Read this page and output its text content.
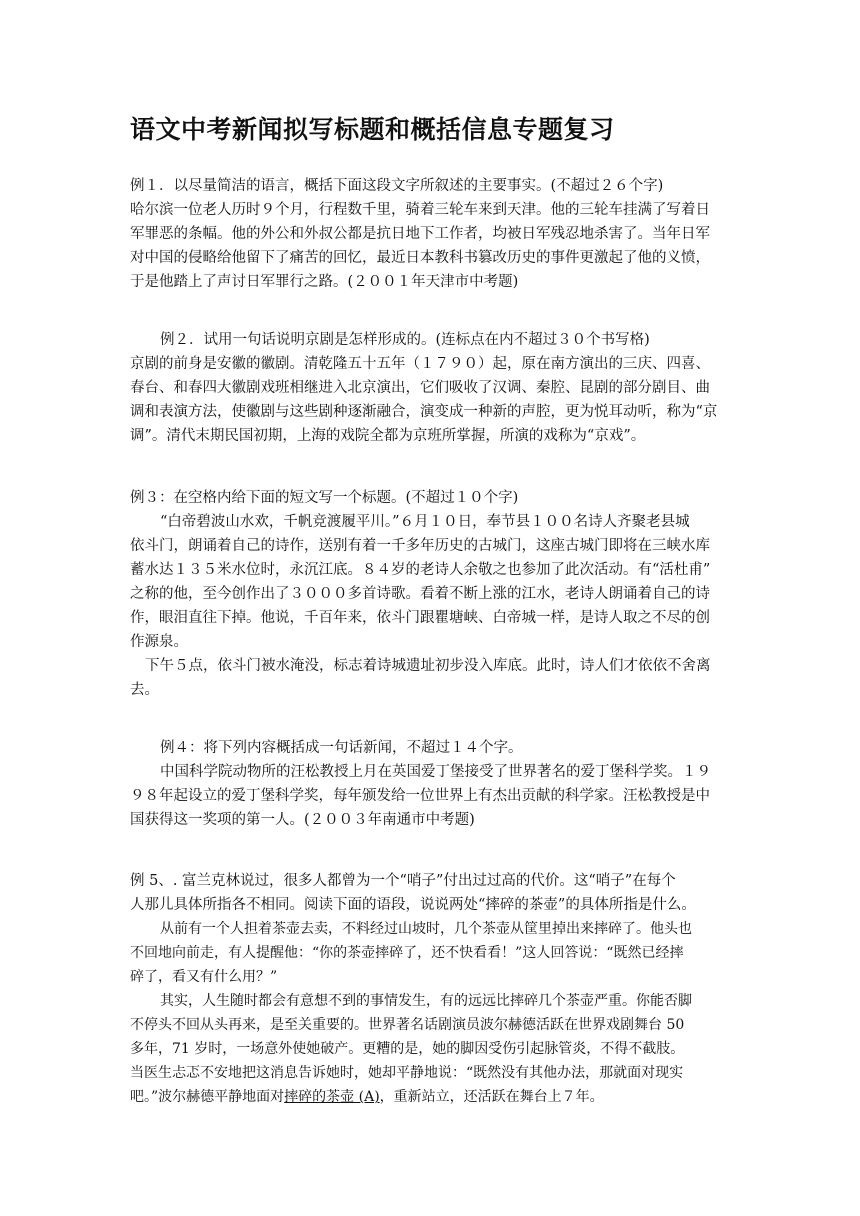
语文中考新闻拟写标题和概括信息专题复习
例１．以尽量简洁的语言，概括下面这段文字所叙述的主要事实。(不超过２６个字)
哈尔滨一位老人历时９个月，行程数千里，骑着三轮车来到天津。他的三轮车挂满了写着日
军罪恶的条幅。他的外公和外叔公都是抗日地下工作者，均被日军残忍地杀害了。当年日军
对中国的侵略给他留下了痛苦的回忆，最近日本教科书篡改历史的事件更激起了他的义愤，
于是他踏上了声讨日军罪行之路。(２００１年天津市中考题)
例２．试用一句话说明京剧是怎样形成的。(连标点在内不超过３０个书写格)
京剧的前身是安徽的徽剧。清乾隆五十五年（１７９０）起，原在南方演出的三庆、四喜、
春台、和春四大徽剧戏班相继进入北京演出，它们吸收了汉调、秦腔、昆剧的部分剧目、曲
调和表演方法，使徽剧与这些剧种逐渐融合，演变成一种新的声腔，更为悦耳动听，称为“京
调”。清代末期民国初期，上海的戏院全都为京班所掌握，所演的戏称为“京戏”。
例３：在空格内给下面的短文写一个标题。(不超过１０个字)
“白帝碧波山水欢，千帆竞渡履平川。”６月１０日，奉节县１００名诗人齐聚老县城
依斗门，朗诵着自己的诗作，送别有着一千多年历史的古城门，这座古城门即将在三峡水库
蓄水达１３５米水位时，永沉江底。８４岁的老诗人余敬之也参加了此次活动。有“活杜甫”
之称的他，至今创作出了３０００多首诗歌。看着不断上涨的江水，老诗人朗诵着自己的诗
作，眼泪直往下掉。他说，千百年来，依斗门跟瞿塘峡、白帝城一样，是诗人取之不尽的创
作源泉。
下午５点，依斗门被水淹没，标志着诗城遗址初步没入库底。此时，诗人们才依依不舍离
去。
例４：将下列内容概括成一句话新闻，不超过１４个字。
中国科学院动物所的汪松教授上月在英国爱丁堡接受了世界著名的爱丁堡科学奖。１９
９８年起设立的爱丁堡科学奖，每年颁发给一位世界上有杰出贡献的科学家。汪松教授是中
国获得这一奖项的第一人。(２００３年南通市中考题)
例 5、. 富兰克林说过，很多人都曾为一个“哨子”付出过过高的代价。这“哨子”在每个
人那儿具体所指各不相同。阅读下面的语段，说说两处“摔碎的茶壶”的具体所指是什么。
从前有一个人担着茶壶去卖，不料经过山坡时，几个茶壶从筐里掉出来摔碎了。他头也
不回地向前走，有人提醒他：“你的茶壶摔碎了，还不快看看！”这人回答说：“既然已经摔
碎了，看又有什么用？”
其实，人生随时都会有意想不到的事情发生，有的远远比摔碎几个茶壶严重。你能否脚
不停头不回从头再来，是至关重要的。世界著名话剧演员波尔赫德活跃在世界戏剧舞台 50
多年，71 岁时，一场意外使她破产。更糟的是，她的脚因受伤引起脉管炎，不得不截肢。
当医生忐忑不安地把这消息告诉她时，她却平静地说：“既然没有其他办法，那就面对现实
吧。”波尔赫德平静地面对摔碎的茶壶 (A)，重新站立，还活跃在舞台上７年。
